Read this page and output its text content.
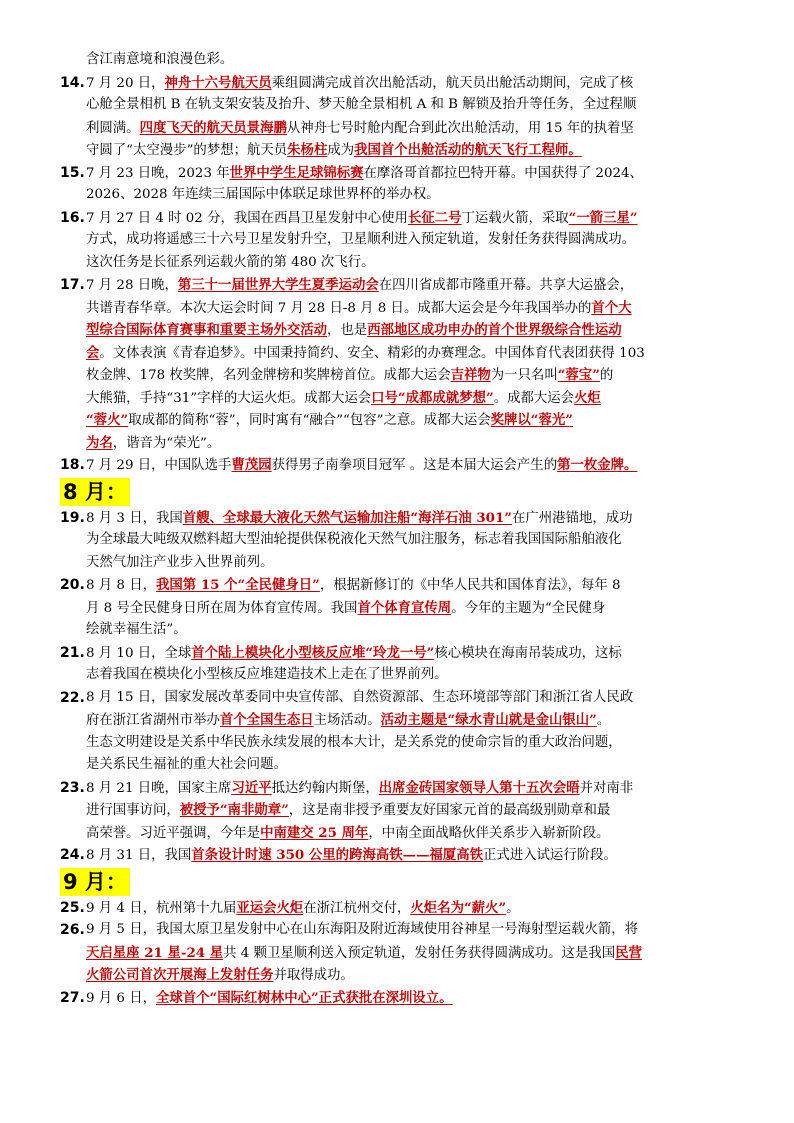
含江南意境和浪漫色彩。
14. 7 月 20 日，神舟十六号航天员乘组圆满完成首次出舱活动，航天员出舱活动期间，完成了核
心舱全景相机 B 在轨支架安装及抬升、梦天舱全景相机 A 和 B 解锁及抬升等任务，全过程顺
利圆满。四度飞天的航天员景海鹏从神舟七号时舱内配合到此次出舱活动，用 15 年的执着坚
守圆了“太空漫步”的梦想；航天员朱杨柱成为我国首个出舱活动的航天飞行工程师。
15. 7 月 23 日晚，2023 年世界中学生足球锦标赛在摩洛哥首都拉巴特开幕。中国获得了 2024、
2026、2028 年连续三届国际中体联足球世界杯的举办权。
16. 7 月 27 日 4 时 02 分，我国在西昌卫星发射中心使用长征二号丁运载火箭，采取“一箭三星”
方式，成功将遥感三十六号卫星发射升空，卫星顺利进入预定轨道，发射任务获得圆满成功。
这次任务是长征系列运载火箭的第 480 次飞行。
17. 7 月 28 日晚，第三十一届世界大学生夏季运动会在四川省成都市隆重开幕。共享大运盛会，
共谱青春华章。本次大运会时间 7 月 28 日-8 月 8 日。成都大运会是今年我国举办的首个大
型综合国际体育赛事和重要主场外交活动，也是西部地区成功申办的首个世界级综合性运动
会。文体表演《青春追梦》。中国秉持简约、安全、精彩的办赛理念。中国体育代表团获得 103
枚金牌、178 枚奖牌，名列金牌榜和奖牌榜首位。成都大运会吉祥物为一只名叫“蓉宝”的
大熊猫，手持“31”字样的大运火炬。成都大运会口号“成都成就梦想”。成都大运会火炬
“蓉火”取成都的简称“蓉”，同时寓有“融合”“包容”之意。成都大运会奖牌以“蓉光”
为名，谐音为“荣光”。
18. 7 月 29 日，中国队选手曹茂园获得男子南拳项目冠军 。这是本届大运会产生的第一枚金牌。
8 月：
19. 8 月 3 日，我国首艘、全球最大液化天然气运输加注船“海洋石油 301”在广州港锚地，成功
为全球最大吨级双燃料超大型油轮提供保税液化天然气加注服务，标志着我国国际船舶液化
天然气加注产业步入世界前列。
20. 8 月 8 日，我国第 15 个“全民健身日”，根据新修订的《中华人民共和国体育法》，每年 8
月 8 号全民健身日所在周为体育宣传周。我国首个体育宣传周。今年的主题为“全民健身
绘就幸福生活”。
21. 8 月 10 日，全球首个陆上模块化小型核反应堆“玲龙一号”核心模块在海南吊装成功，这标
志着我国在模块化小型核反应堆建造技术上走在了世界前列。
22. 8 月 15 日，国家发展改革委同中央宣传部、自然资源部、生态环境部等部门和浙江省人民政
府在浙江省湖州市举办首个全国生态日主场活动。活动主题是“绿水青山就是金山银山”。
生态文明建设是关系中华民族永续发展的根本大计，是关系党的使命宗旨的重大政治问题，
是关系民生福祉的重大社会问题。
23. 8 月 21 日晚，国家主席习近平抵达约翰内斯堡，出席金砖国家领导人第十五次会晤并对南非
进行国事访问，被授予“南非勋章”，这是南非授予重要友好国家元首的最高级别勋章和最
高荣誉。习近平强调，今年是中南建交 25 周年，中南全面战略伙伴关系步入崭新阶段。
24. 8 月 31 日，我国首条设计时速 350 公里的跨海高铁——福厦高铁正式进入试运行阶段。
9 月：
25. 9 月 4 日，杭州第十九届亚运会火炬在浙江杭州交付，火炬名为“薪火”。
26. 9 月 5 日，我国太原卫星发射中心在山东海阳及附近海域使用谷神星一号海射型运载火箭，将
天启星座 21 星-24 星共 4 颗卫星顺利送入预定轨道，发射任务获得圆满成功。这是我国民营
火箭公司首次开展海上发射任务并取得成功。
27. 9 月 6 日，全球首个“国际红树林中心”正式获批在深圳设立。
